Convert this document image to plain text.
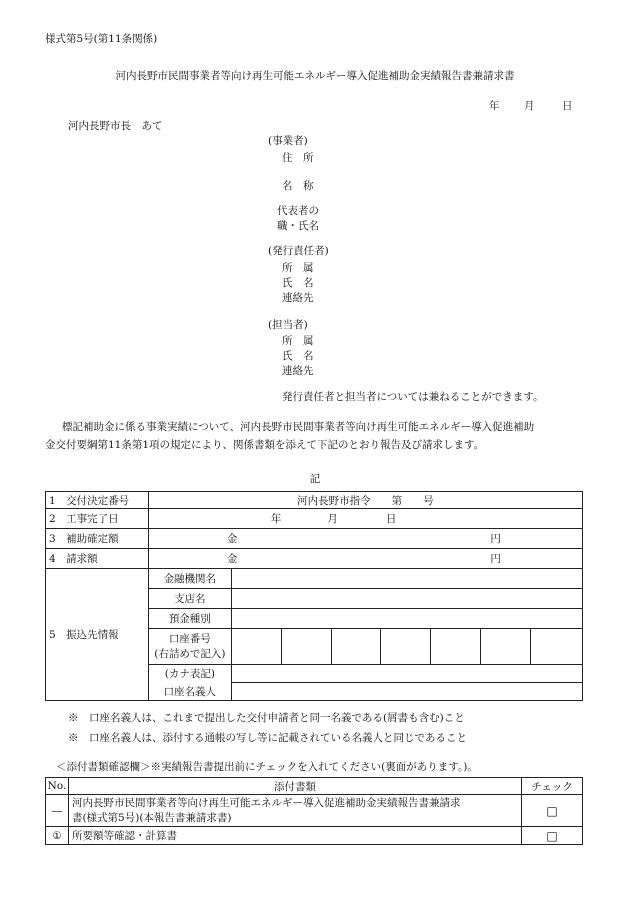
様式第5号(第11条関係)
河内長野市民間事業者等向け再生可能エネルギー導入促進補助金実績報告書兼請求書
年 月	日
河内長野市長　あて
(事業者)
住　所
名　称
代表者の
職・氏名
(発行責任者)
所　属
氏　名
連絡先
(担当者)
所　属
氏　名
連絡先
発行責任者と担当者については兼ねることができます。
標記補助金に係る事業実績について、河内長野市民間事業者等向け再生可能エネルギー導入促進補助
金交付要綱第11条第1項の規定により、関係書類を添えて下記のとおり報告及び請求します。
記
1　交付決定番号	河内長野市指令　　第　　号							
2　工事完了日	年 月 日							
3　補助確定額	金 円							
4　請求額	金 円							
5　振込先情報	金融機関名							
	支店名							
	預金種別							
	口座番号
(右詰めで記入)							
	(カナ表記)							
	口座名義人							
※　口座名義人は、これまで提出した交付申請者と同一名義である(屑書も含む)こと
※　口座名義人は、添付する通帳の写し等に記載されている名義人と同じであること
＜添付書類確認欄＞※実績報告書提出前にチェックを入れてください(裏面があります。)。
No.	添付書類	チェック
―	河内長野市民間事業者等向け再生可能エネルギー導入促進補助金実績報告書兼請求
書(様式第5号)(本報告書兼請求書)	□
①	所要額等確認・計算書	□
